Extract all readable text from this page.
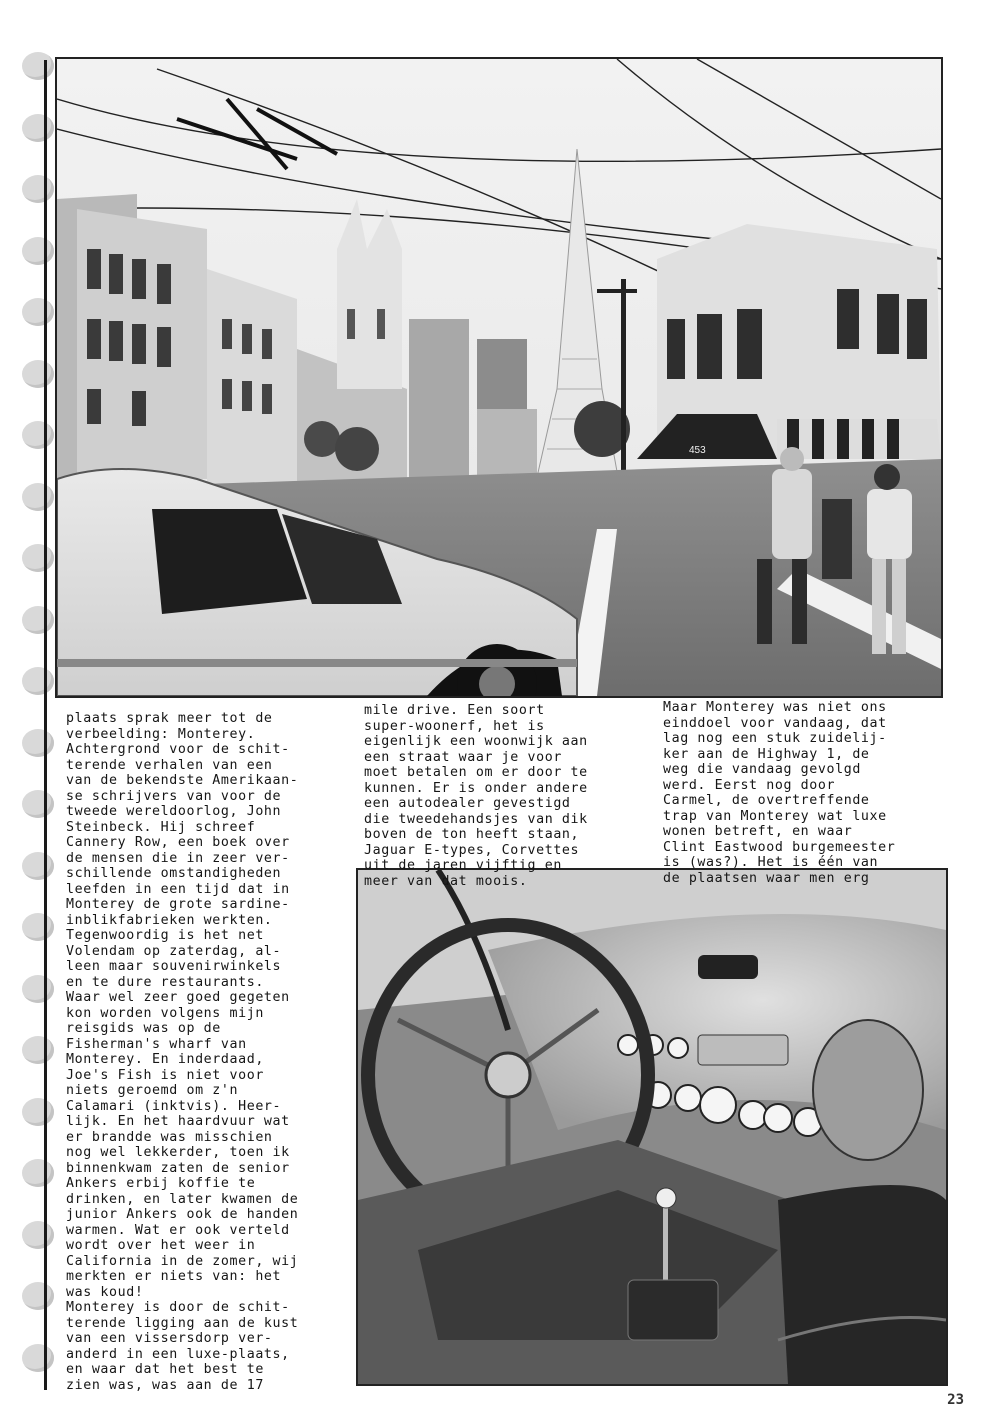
453
plaats sprak meer tot de
verbeelding: Monterey.
Achtergrond voor de schit-
terende verhalen van een
van de bekendste Amerikaan-
se schrijvers van voor de
tweede wereldoorlog, John
Steinbeck. Hij schreef
Cannery Row, een boek over
de mensen die in zeer ver-
schillende omstandigheden
leefden in een tijd dat in
Monterey de grote sardine-
inblikfabrieken werkten.
Tegenwoordig is het net
Volendam op zaterdag, al-
leen maar souvenirwinkels
en te dure restaurants.
Waar wel zeer goed gegeten
kon worden volgens mijn
reisgids was op de
Fisherman's wharf van
Monterey. En inderdaad,
Joe's Fish is niet voor
niets geroemd om z'n
Calamari (inktvis). Heer-
lijk. En het haardvuur wat
er brandde was misschien
nog wel lekkerder, toen ik
binnenkwam zaten de senior
Ankers erbij koffie te
drinken, en later kwamen de
junior Ankers ook de handen
warmen. Wat er ook verteld
wordt over het weer in
California in de zomer, wij
merkten er niets van: het
was koud!
Monterey is door de schit-
terende ligging aan de kust
van een vissersdorp ver-
anderd in een luxe-plaats,
en waar dat het best te
zien was, was aan de 17
mile drive. Een soort
super-woonerf, het is
eigenlijk een woonwijk aan
een straat waar je voor
moet betalen om er door te
kunnen. Er is onder andere
een autodealer gevestigd
die tweedehandsjes van dik
boven de ton heeft staan,
Jaguar E-types, Corvettes
uit de jaren vijftig en
meer van dat moois.
Maar Monterey was niet ons
einddoel voor vandaag, dat
lag nog een stuk zuidelij-
ker aan de Highway 1, de
weg die vandaag gevolgd
werd. Eerst nog door
Carmel, de overtreffende
trap van Monterey wat luxe
wonen betreft, en waar
Clint Eastwood burgemeester
is (was?). Het is één van
de plaatsen waar men erg
23
